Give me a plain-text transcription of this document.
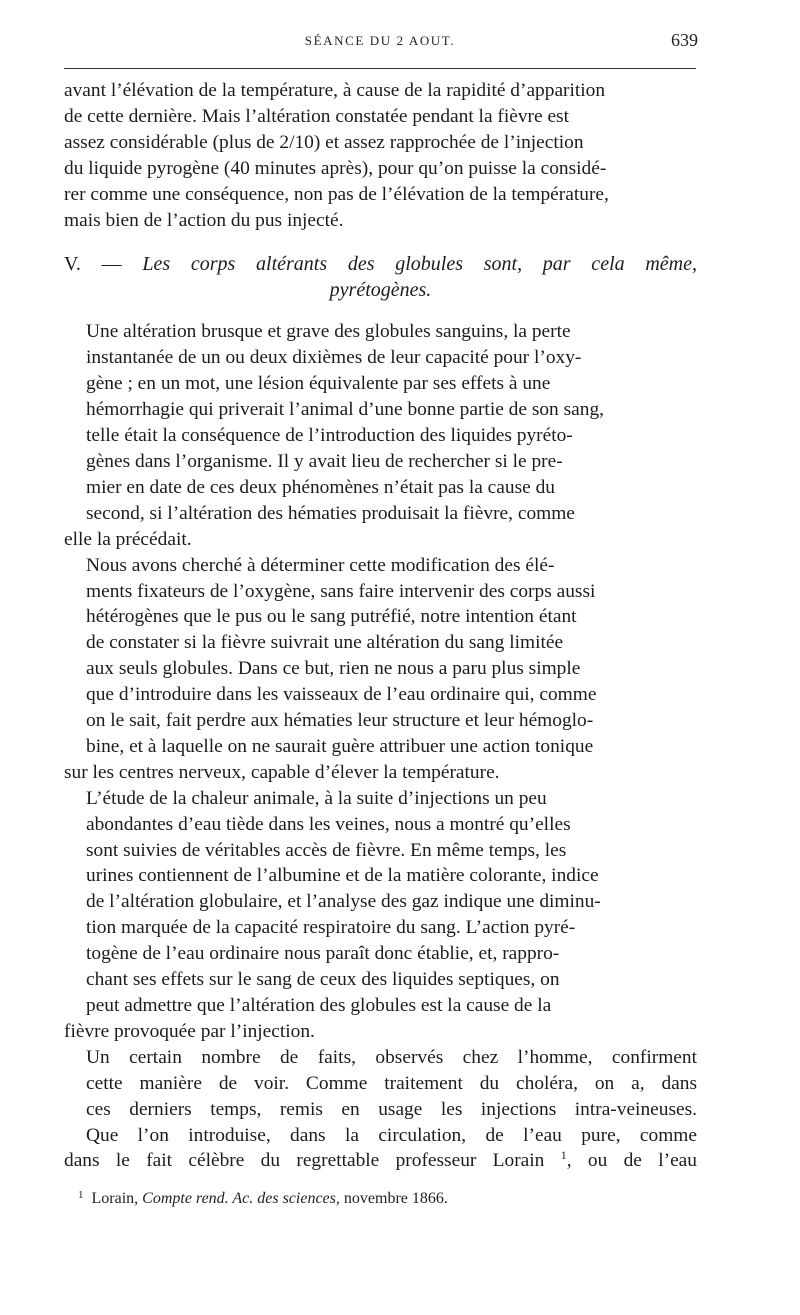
SÉANCE DU 2 AOUT.	639

avant l’élévation de la température, à cause de la rapidité d’apparition
de cette dernière. Mais l’altération constatée pendant la fièvre est
assez considérable (plus de 2/10) et assez rapprochée de l’injection
du liquide pyrogène (40 minutes après), pour qu’on puisse la considé-
rer comme une conséquence, non pas de l’élévation de la température,
mais bien de l’action du pus injecté.

V. — Les corps altérants des globules sont, par cela même,
pyrétogènes.

Une altération brusque et grave des globules sanguins, la perte
instantanée de un ou deux dixièmes de leur capacité pour l’oxy-
gène ; en un mot, une lésion équivalente par ses effets à une
hémorrhagie qui priverait l’animal d’une bonne partie de son sang,
telle était la conséquence de l’introduction des liquides pyréto-
gènes dans l’organisme. Il y avait lieu de rechercher si le pre-
mier en date de ces deux phénomènes n’était pas la cause du
second, si l’altération des hématies produisait la fièvre, comme
elle la précédait.

Nous avons cherché à déterminer cette modification des élé-
ments fixateurs de l’oxygène, sans faire intervenir des corps aussi
hétérogènes que le pus ou le sang putréfié, notre intention étant
de constater si la fièvre suivrait une altération du sang limitée
aux seuls globules. Dans ce but, rien ne nous a paru plus simple
que d’introduire dans les vaisseaux de l’eau ordinaire qui, comme
on le sait, fait perdre aux hématies leur structure et leur hémoglo-
bine, et à laquelle on ne saurait guère attribuer une action tonique
sur les centres nerveux, capable d’élever la température.

L’étude de la chaleur animale, à la suite d’injections un peu
abondantes d’eau tiède dans les veines, nous a montré qu’elles
sont suivies de véritables accès de fièvre. En même temps, les
urines contiennent de l’albumine et de la matière colorante, indice
de l’altération globulaire, et l’analyse des gaz indique une diminu-
tion marquée de la capacité respiratoire du sang. L’action pyré-
togène de l’eau ordinaire nous paraît donc établie, et, rappro-
chant ses effets sur le sang de ceux des liquides septiques, on
peut admettre que l’altération des globules est la cause de la
fièvre provoquée par l’injection.

Un certain nombre de faits, observés chez l’homme, confirment
cette manière de voir. Comme traitement du choléra, on a, dans
ces derniers temps, remis en usage les injections intra-veineuses.
Que l’on introduise, dans la circulation, de l’eau pure, comme
dans le fait célèbre du regrettable professeur Lorain $^1$, ou de l’eau

$^1$ Lorain, Compte rend. Ac. des sciences, novembre 1866.
